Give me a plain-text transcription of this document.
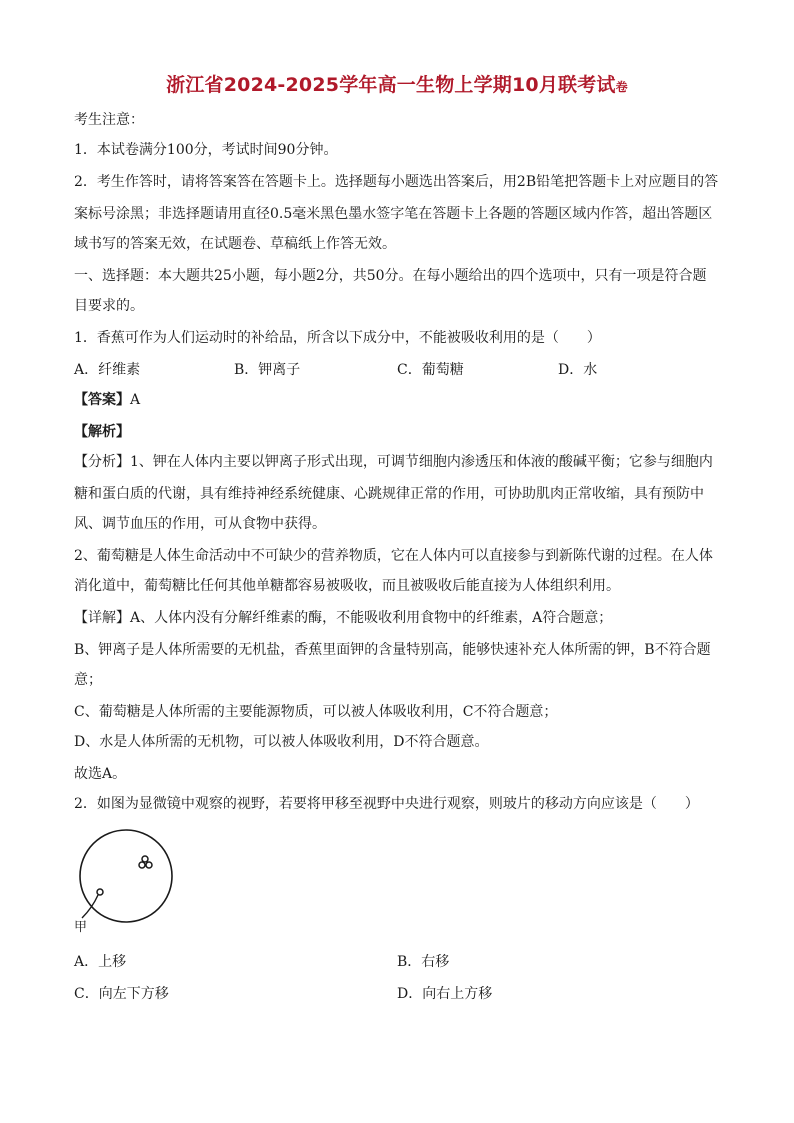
浙江省2024-2025学年高一生物上学期10月联考试卷
考生注意：
1．本试卷满分100分，考试时间90分钟。
2．考生作答时，请将答案答在答题卡上。选择题每小题选出答案后，用2B铅笔把答题卡上对应题目的答
案标号涂黑；非选择题请用直径0.5毫米黑色墨水签字笔在答题卡上各题的答题区域内作答，超出答题区
域书写的答案无效，在试题卷、草稿纸上作答无效。
一、选择题：本大题共25小题，每小题2分，共50分。在每小题给出的四个选项中，只有一项是符合题
目要求的。
1．香蕉可作为人们运动时的补给品，所含以下成分中，不能被吸收利用的是（　　）
A．纤维素	B．钾离子	C．葡萄糖	D．水
【答案】A
【解析】
【分析】1、钾在人体内主要以钾离子形式出现，可调节细胞内渗透压和体液的酸碱平衡；它参与细胞内
糖和蛋白质的代谢，具有维持神经系统健康、心跳规律正常的作用，可协助肌肉正常收缩，具有预防中
风、调节血压的作用，可从食物中获得。
2、葡萄糖是人体生命活动中不可缺少的营养物质，它在人体内可以直接参与到新陈代谢的过程。在人体
消化道中，葡萄糖比任何其他单糖都容易被吸收，而且被吸收后能直接为人体组织利用。
【详解】A、人体内没有分解纤维素的酶，不能吸收利用食物中的纤维素，A符合题意；
B、钾离子是人体所需要的无机盐，香蕉里面钾的含量特别高，能够快速补充人体所需的钾，B不符合题
意；
C、葡萄糖是人体所需的主要能源物质，可以被人体吸收利用，C不符合题意；
D、水是人体所需的无机物，可以被人体吸收利用，D不符合题意。
故选A。
2．如图为显微镜中观察的视野，若要将甲移至视野中央进行观察，则玻片的移动方向应该是（　　）
甲
A．上移	B．右移
C．向左下方移	D．向右上方移
